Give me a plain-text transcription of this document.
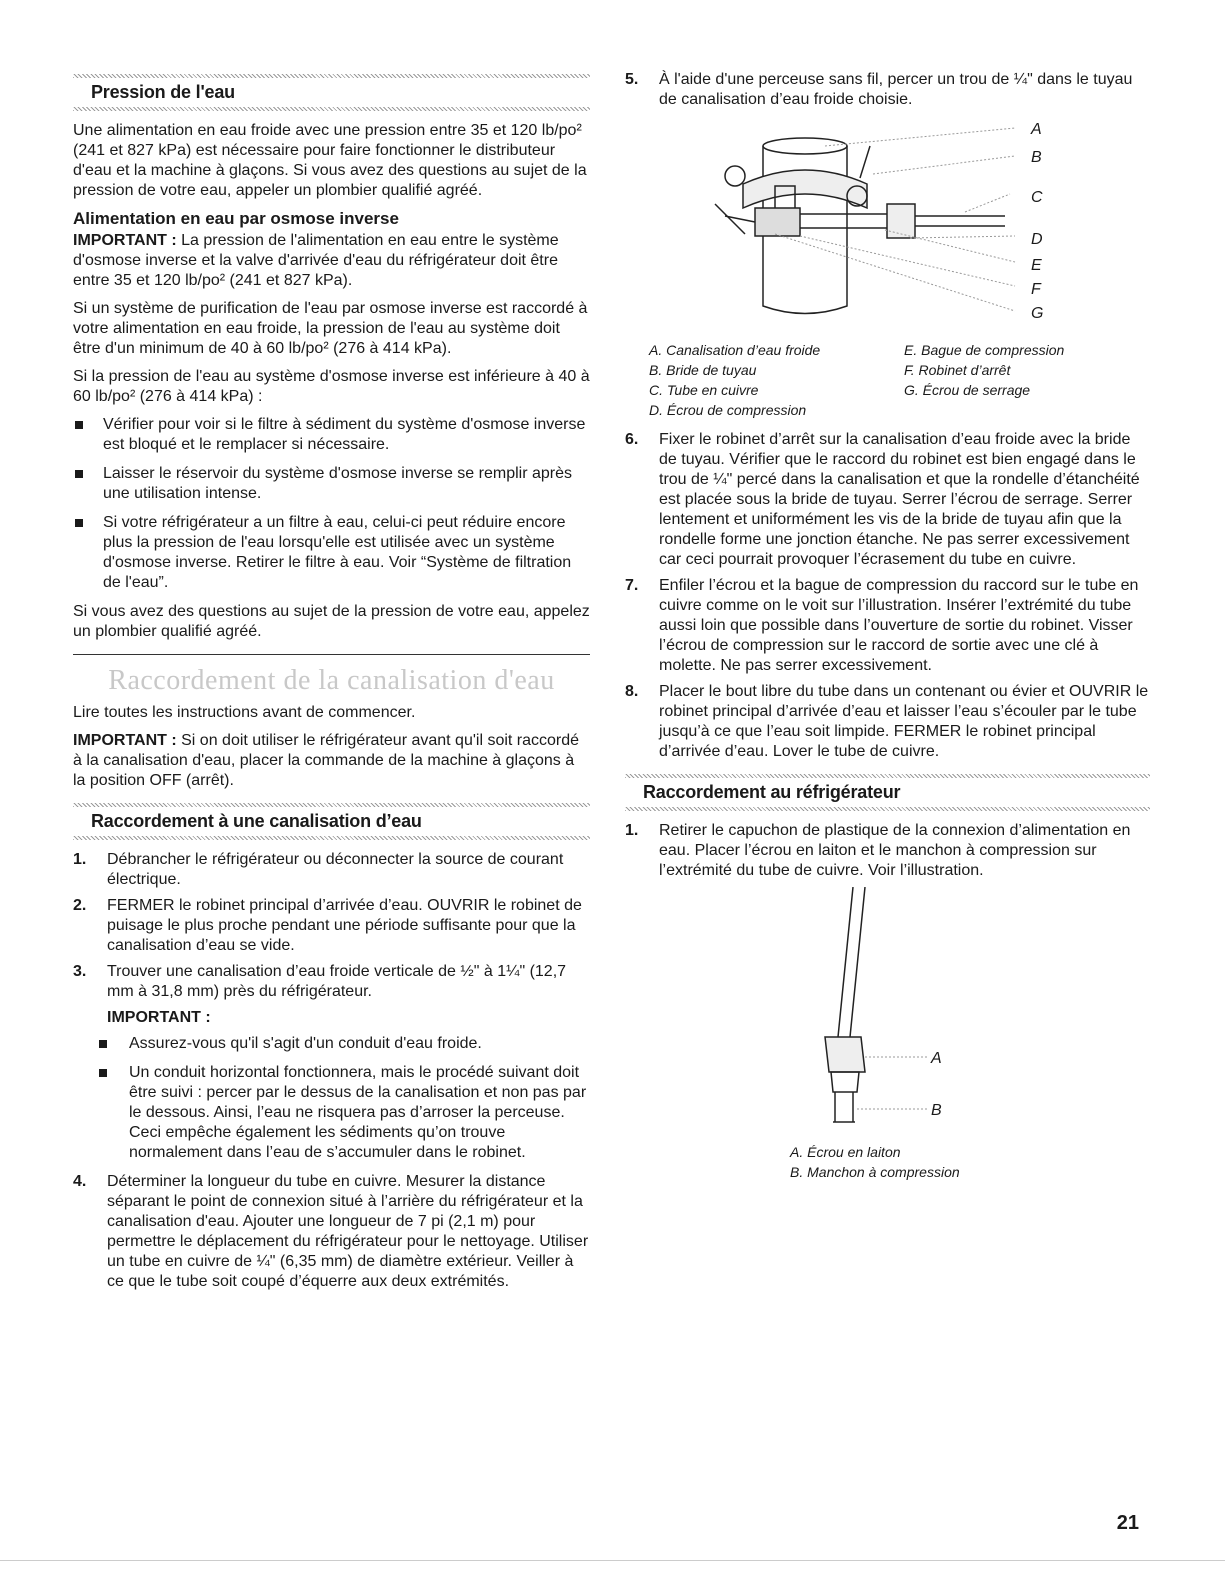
Pression de l'eau

Une alimentation en eau froide avec une pression entre 35 et 120 lb/po² (241 et 827 kPa) est nécessaire pour faire fonctionner le distributeur d'eau et la machine à glaçons. Si vous avez des questions au sujet de la pression de votre eau, appeler un plombier qualifié agréé.

Alimentation en eau par osmose inverse

IMPORTANT : La pression de l'alimentation en eau entre le système d'osmose inverse et la valve d'arrivée d'eau du réfrigérateur doit être entre 35 et 120 lb/po² (241 et 827 kPa).

Si un système de purification de l'eau par osmose inverse est raccordé à votre alimentation en eau froide, la pression de l'eau au système doit être d'un minimum de 40 à 60 lb/po² (276 à 414 kPa).

Si la pression de l'eau au système d'osmose inverse est inférieure à 40 à 60 lb/po² (276 à 414 kPa) :

Vérifier pour voir si le filtre à sédiment du système d'osmose inverse est bloqué et le remplacer si nécessaire.
Laisser le réservoir du système d'osmose inverse se remplir après une utilisation intense.
Si votre réfrigérateur a un filtre à eau, celui-ci peut réduire encore plus la pression de l'eau lorsqu'elle est utilisée avec un système d'osmose inverse. Retirer le filtre à eau. Voir “Système de filtration de l'eau”.

Si vous avez des questions au sujet de la pression de votre eau, appelez un plombier qualifié agréé.

Raccordement de la canalisation d'eau

Lire toutes les instructions avant de commencer.

IMPORTANT : Si on doit utiliser le réfrigérateur avant qu'il soit raccordé à la canalisation d'eau, placer la commande de la machine à glaçons à la position OFF (arrêt).

Raccordement à une canalisation d’eau
1. Débrancher le réfrigérateur ou déconnecter la source de courant électrique.
2. FERMER le robinet principal d’arrivée d’eau. OUVRIR le robinet de puisage le plus proche pendant une période suffisante pour que la canalisation d’eau se vide.
3. Trouver une canalisation d’eau froide verticale de ½" à 1¼" (12,7 mm à 31,8 mm) près du réfrigérateur.
IMPORTANT :
Assurez-vous qu'il s'agit d'un conduit d'eau froide.
Un conduit horizontal fonctionnera, mais le procédé suivant doit être suivi : percer par le dessus de la canalisation et non pas par le dessous. Ainsi, l’eau ne risquera pas d’arroser la perceuse. Ceci empêche également les sédiments qu’on trouve normalement dans l’eau de s’accumuler dans le robinet.
4. Déterminer la longueur du tube en cuivre. Mesurer la distance séparant le point de connexion situé à l’arrière du réfrigérateur et la canalisation d'eau. Ajouter une longueur de 7 pi (2,1 m) pour permettre le déplacement du réfrigérateur pour le nettoyage. Utiliser un tube en cuivre de ¼" (6,35 mm) de diamètre extérieur. Veiller à ce que le tube soit coupé d’équerre aux deux extrémités.
5. À l'aide d'une perceuse sans fil, percer un trou de ¼" dans le tuyau de canalisation d’eau froide choisie.
A
B
C
D
E
F
G
A. Canalisation d’eau froide
B. Bride de tuyau
C. Tube en cuivre
D. Écrou de compression
E. Bague de compression
F. Robinet d’arrêt
G. Écrou de serrage
6. Fixer le robinet d’arrêt sur la canalisation d’eau froide avec la bride de tuyau. Vérifier que le raccord du robinet est bien engagé dans le trou de ¼" percé dans la canalisation et que la rondelle d’étanchéité est placée sous la bride de tuyau. Serrer l’écrou de serrage. Serrer lentement et uniformément les vis de la bride de tuyau afin que la rondelle forme une jonction étanche. Ne pas serrer excessivement car ceci pourrait provoquer l’écrasement du tube en cuivre.
7. Enfiler l’écrou et la bague de compression du raccord sur le tube en cuivre comme on le voit sur l’illustration. Insérer l’extrémité du tube aussi loin que possible dans l’ouverture de sortie du robinet. Visser l’écrou de compression sur le raccord de sortie avec une clé à molette. Ne pas serrer excessivement.
8. Placer le bout libre du tube dans un contenant ou évier et OUVRIR le robinet principal d’arrivée d’eau et laisser l’eau s’écouler par le tube jusqu’à ce que l’eau soit limpide. FERMER le robinet principal d’arrivée d’eau. Lover le tube de cuivre.
Raccordement au réfrigérateur
1. Retirer le capuchon de plastique de la connexion d’alimentation en eau. Placer l’écrou en laiton et le manchon à compression sur l’extrémité du tube de cuivre. Voir l’illustration.
A
B
A. Écrou en laiton
B. Manchon à compression
21
